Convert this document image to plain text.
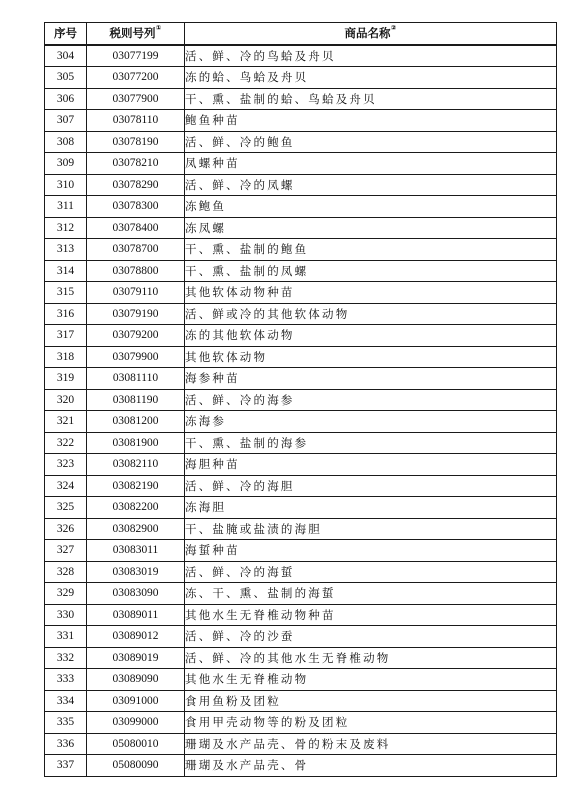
序号	税则号列①	商品名称②
304	03077199	活、鲜、冷的鸟蛤及舟贝
305	03077200	冻的蛤、鸟蛤及舟贝
306	03077900	干、熏、盐制的蛤、鸟蛤及舟贝
307	03078110	鲍鱼种苗
308	03078190	活、鲜、冷的鲍鱼
309	03078210	凤螺种苗
310	03078290	活、鲜、冷的凤螺
311	03078300	冻鲍鱼
312	03078400	冻凤螺
313	03078700	干、熏、盐制的鲍鱼
314	03078800	干、熏、盐制的凤螺
315	03079110	其他软体动物种苗
316	03079190	活、鲜或冷的其他软体动物
317	03079200	冻的其他软体动物
318	03079900	其他软体动物
319	03081110	海参种苗
320	03081190	活、鲜、冷的海参
321	03081200	冻海参
322	03081900	干、熏、盐制的海参
323	03082110	海胆种苗
324	03082190	活、鲜、冷的海胆
325	03082200	冻海胆
326	03082900	干、盐腌或盐渍的海胆
327	03083011	海蜇种苗
328	03083019	活、鲜、冷的海蜇
329	03083090	冻、干、熏、盐制的海蜇
330	03089011	其他水生无脊椎动物种苗
331	03089012	活、鲜、冷的沙蚕
332	03089019	活、鲜、冷的其他水生无脊椎动物
333	03089090	其他水生无脊椎动物
334	03091000	食用鱼粉及团粒
335	03099000	食用甲壳动物等的粉及团粒
336	05080010	珊瑚及水产品壳、骨的粉末及废料
337	05080090	珊瑚及水产品壳、骨
